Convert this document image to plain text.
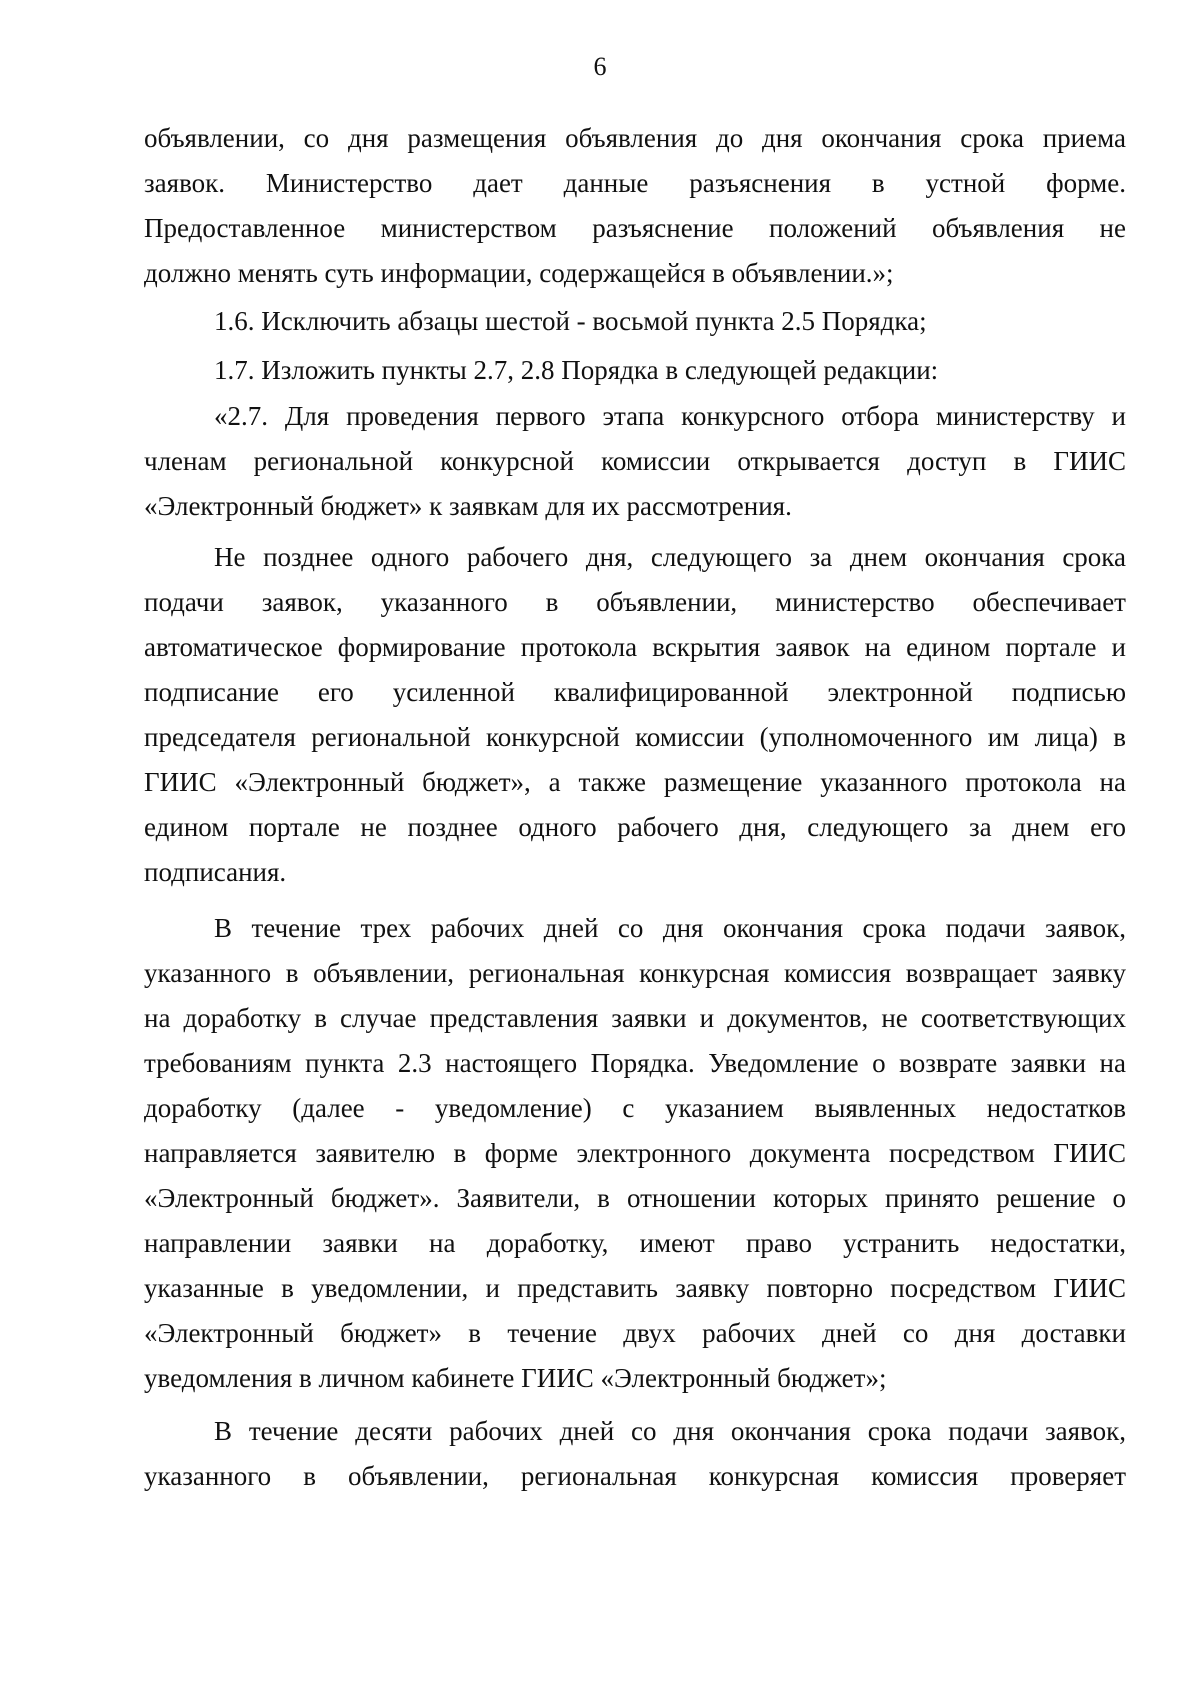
6
объявлении, со дня размещения объявления до дня окончания срока приема
заявок. Министерство дает данные разъяснения в устной форме.
Предоставленное министерством разъяснение положений объявления не
должно менять суть информации, содержащейся в объявлении.»;
1.6. Исключить абзацы шестой - восьмой пункта 2.5 Порядка;
1.7. Изложить пункты 2.7, 2.8 Порядка в следующей редакции:
«2.7. Для проведения первого этапа конкурсного отбора министерству и
членам региональной конкурсной комиссии открывается доступ в ГИИС
«Электронный бюджет» к заявкам для их рассмотрения.
Не позднее одного рабочего дня, следующего за днем окончания срока
подачи заявок, указанного в объявлении, министерство обеспечивает
автоматическое формирование протокола вскрытия заявок на едином портале и
подписание его усиленной квалифицированной электронной подписью
председателя региональной конкурсной комиссии (уполномоченного им лица) в
ГИИС «Электронный бюджет», а также размещение указанного протокола на
едином портале не позднее одного рабочего дня, следующего за днем его
подписания.
В течение трех рабочих дней со дня окончания срока подачи заявок,
указанного в объявлении, региональная конкурсная комиссия возвращает заявку
на доработку в случае представления заявки и документов, не соответствующих
требованиям пункта 2.3 настоящего Порядка. Уведомление о возврате заявки на
доработку (далее - уведомление) с указанием выявленных недостатков
направляется заявителю в форме электронного документа посредством ГИИС
«Электронный бюджет». Заявители, в отношении которых принято решение о
направлении заявки на доработку, имеют право устранить недостатки,
указанные в уведомлении, и представить заявку повторно посредством ГИИС
«Электронный бюджет» в течение двух рабочих дней со дня доставки
уведомления в личном кабинете ГИИС «Электронный бюджет»;
В течение десяти рабочих дней со дня окончания срока подачи заявок,
указанного в объявлении, региональная конкурсная комиссия проверяет
